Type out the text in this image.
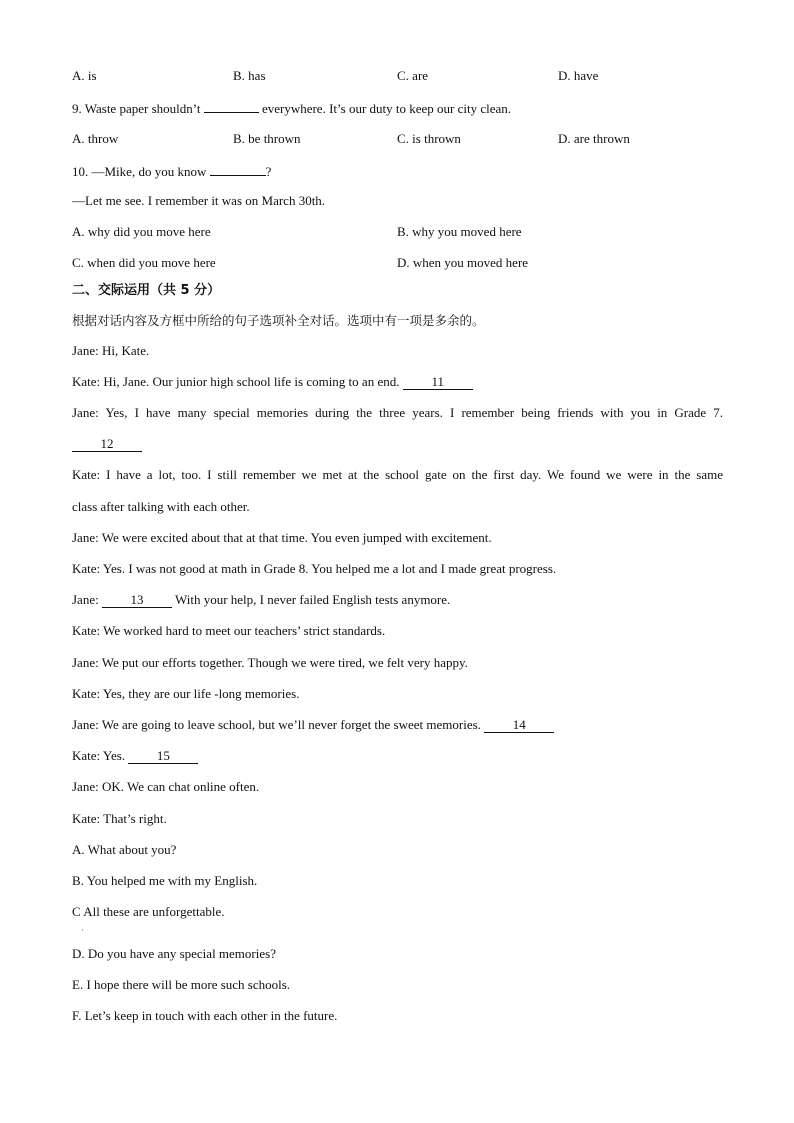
A. is	B. has	C. are	D. have
9. Waste paper shouldn’t	everywhere. It’s our duty to keep our city clean.
A. throw	B. be thrown	C. is thrown	D. are thrown
10. —Mike, do you know	?
—Let me see. I remember it was on March 30th.
A. why did you move here	B. why you moved here
C. when did you move here	D. when you moved here
二、交际运用（共 5 分）
根据对话内容及方框中所给的句子选项补全对话。选项中有一项是多余的。
Jane: Hi, Kate.
Kate: Hi, Jane. Our junior high school life is coming to an end. 11
Jane: Yes, I have many special memories during the three years. I remember being friends with you in Grade 7.
12
Kate: I have a lot, too. I still remember we met at the school gate on the first day. We found we were in the same
class after talking with each other.
Jane: We were excited about that at that time. You even jumped with excitement.
Kate: Yes. I was not good at math in Grade 8. You helped me a lot and I made great progress.
Jane: 13 With your help, I never failed English tests anymore.
Kate: We worked hard to meet our teachers’ strict standards.
Jane: We put our efforts together. Though we were tired, we felt very happy.
Kate: Yes, they are our life -long memories.
Jane: We are going to leave school, but we’ll never forget the sweet memories. 14
Kate: Yes. 15
Jane: OK. We can chat online often.
Kate: That’s right.
A. What about you?
B. You helped me with my English.
C All these are unforgettable.
·
D. Do you have any special memories?
E. I hope there will be more such schools.
F. Let’s keep in touch with each other in the future.
